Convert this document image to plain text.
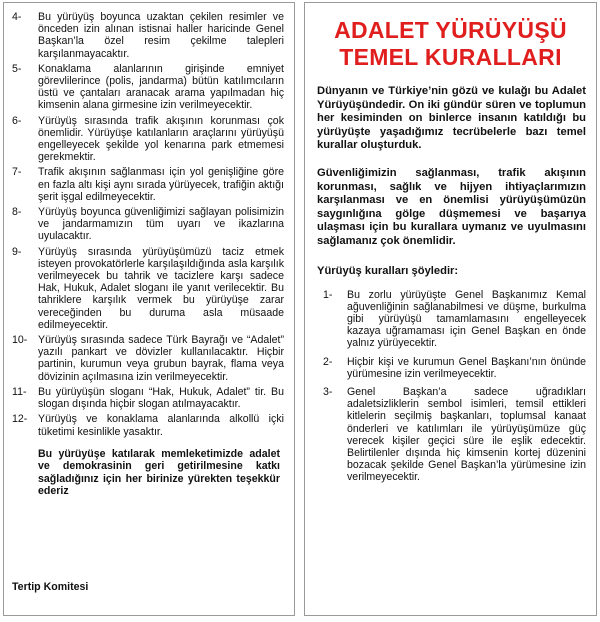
4-	Bu yürüyüş boyunca uzaktan çekilen resimler ve önceden izin alınan istisnai haller haricinde Genel Başkan’la özel resim çekilme talepleri karşılanmayacaktır.
5-	Konaklama alanlarının girişinde emniyet görevlilerince (polis, jandarma) bütün katılımcıların üstü ve çantaları aranacak arama yapılmadan hiç kimsenin alana girmesine izin verilmeyecektir.
6-	Yürüyüş sırasında trafik akışının korunması çok önemlidir. Yürüyüşe katılanların araçlarını yürüyüşü engelleyecek şekilde yol kenarına park etmemesi gerekmektir.
7-	Trafik akışının sağlanması için yol genişliğine göre en fazla altı kişi aynı sırada yürüyecek, trafiğin aktığı şerit işgal edilmeyecektir.
8-	Yürüyüş boyunca güvenliğimizi sağlayan polisimizin ve jandarmamızın tüm uyarı ve ikazlarına uyulacaktır.
9-	Yürüyüş sırasında yürüyüşümüzü taciz etmek isteyen provokatörlerle karşılaşıldığında asla karşılık verilmeyecek bu tahrik ve tacizlere karşı sadece Hak, Hukuk, Adalet sloganı ile yanıt verilecektir. Bu tahriklere karşılık vermek bu yürüyüşe zarar vereceğinden bu duruma asla müsaade edilmeyecektir.
10-	Yürüyüş sırasında sadece Türk Bayrağı ve “Adalet” yazılı pankart ve dövizler kullanılacaktır. Hiçbir partinin, kurumun veya grubun bayrak, flama veya dövizinin açılmasına izin verilmeyecektir.
11-	Bu yürüyüşün sloganı “Hak, Hukuk, Adalet” tir. Bu slogan dışında hiçbir slogan atılmayacaktır.
12-	Yürüyüş ve konaklama alanlarında alkollü içki tüketimi kesinlikle yasaktır.

Bu yürüyüşe katılarak memleketimizde adalet ve demokrasinin geri getirilmesine katkı sağladığınız için her birinize yürekten teşekkür ederiz

Tertip Komitesi
ADALET YÜRÜYÜŞÜ
TEMEL KURALLARI

Dünyanın ve Türkiye’nin gözü ve kulağı bu Adalet Yürüyüşündedir. On iki gündür süren ve toplumun her kesiminden on binlerce insanın katıldığı bu yürüyüşte yaşadığımız tecrübelerle bazı temel kurallar oluşturduk.

Güvenliğimizin sağlanması, trafik akışının korunması, sağlık ve hijyen ihtiyaçlarımızın karşılanması ve en önemlisi yürüyüşümüzün saygınlığına gölge düşmemesi ve başarıya ulaşması için bu kurallara uymanız ve uyulmasını sağlamanız çok önemlidir.

Yürüyüş kuralları şöyledir:

1-	Bu zorlu yürüyüşte Genel Başkanımız Kemal ağuvenliğinin sağlanabilmesi ve düşme, burkulma gibi yürüyüşü tamamlamasını engelleyecek kazaya uğramaması için Genel Başkan en önde yalnız yürüyecektir.
2-	Hiçbir kişi ve kurumun Genel Başkanı’nın önünde yürümesine izin verilmeyecektir.
3-	Genel Başkan’a sadece uğradıkları adaletsizliklerin sembol isimleri, temsil ettikleri kitlelerin seçilmiş başkanları, toplumsal kanaat önderleri ve katılımları ile yürüyüşümüze güç verecek kişiler geçici süre ile eşlik edecektir. Belirtilenler dışında hiç kimsenin kortej düzenini bozacak şekilde Genel Başkan’la yürümesine izin verilmeyecektir.
